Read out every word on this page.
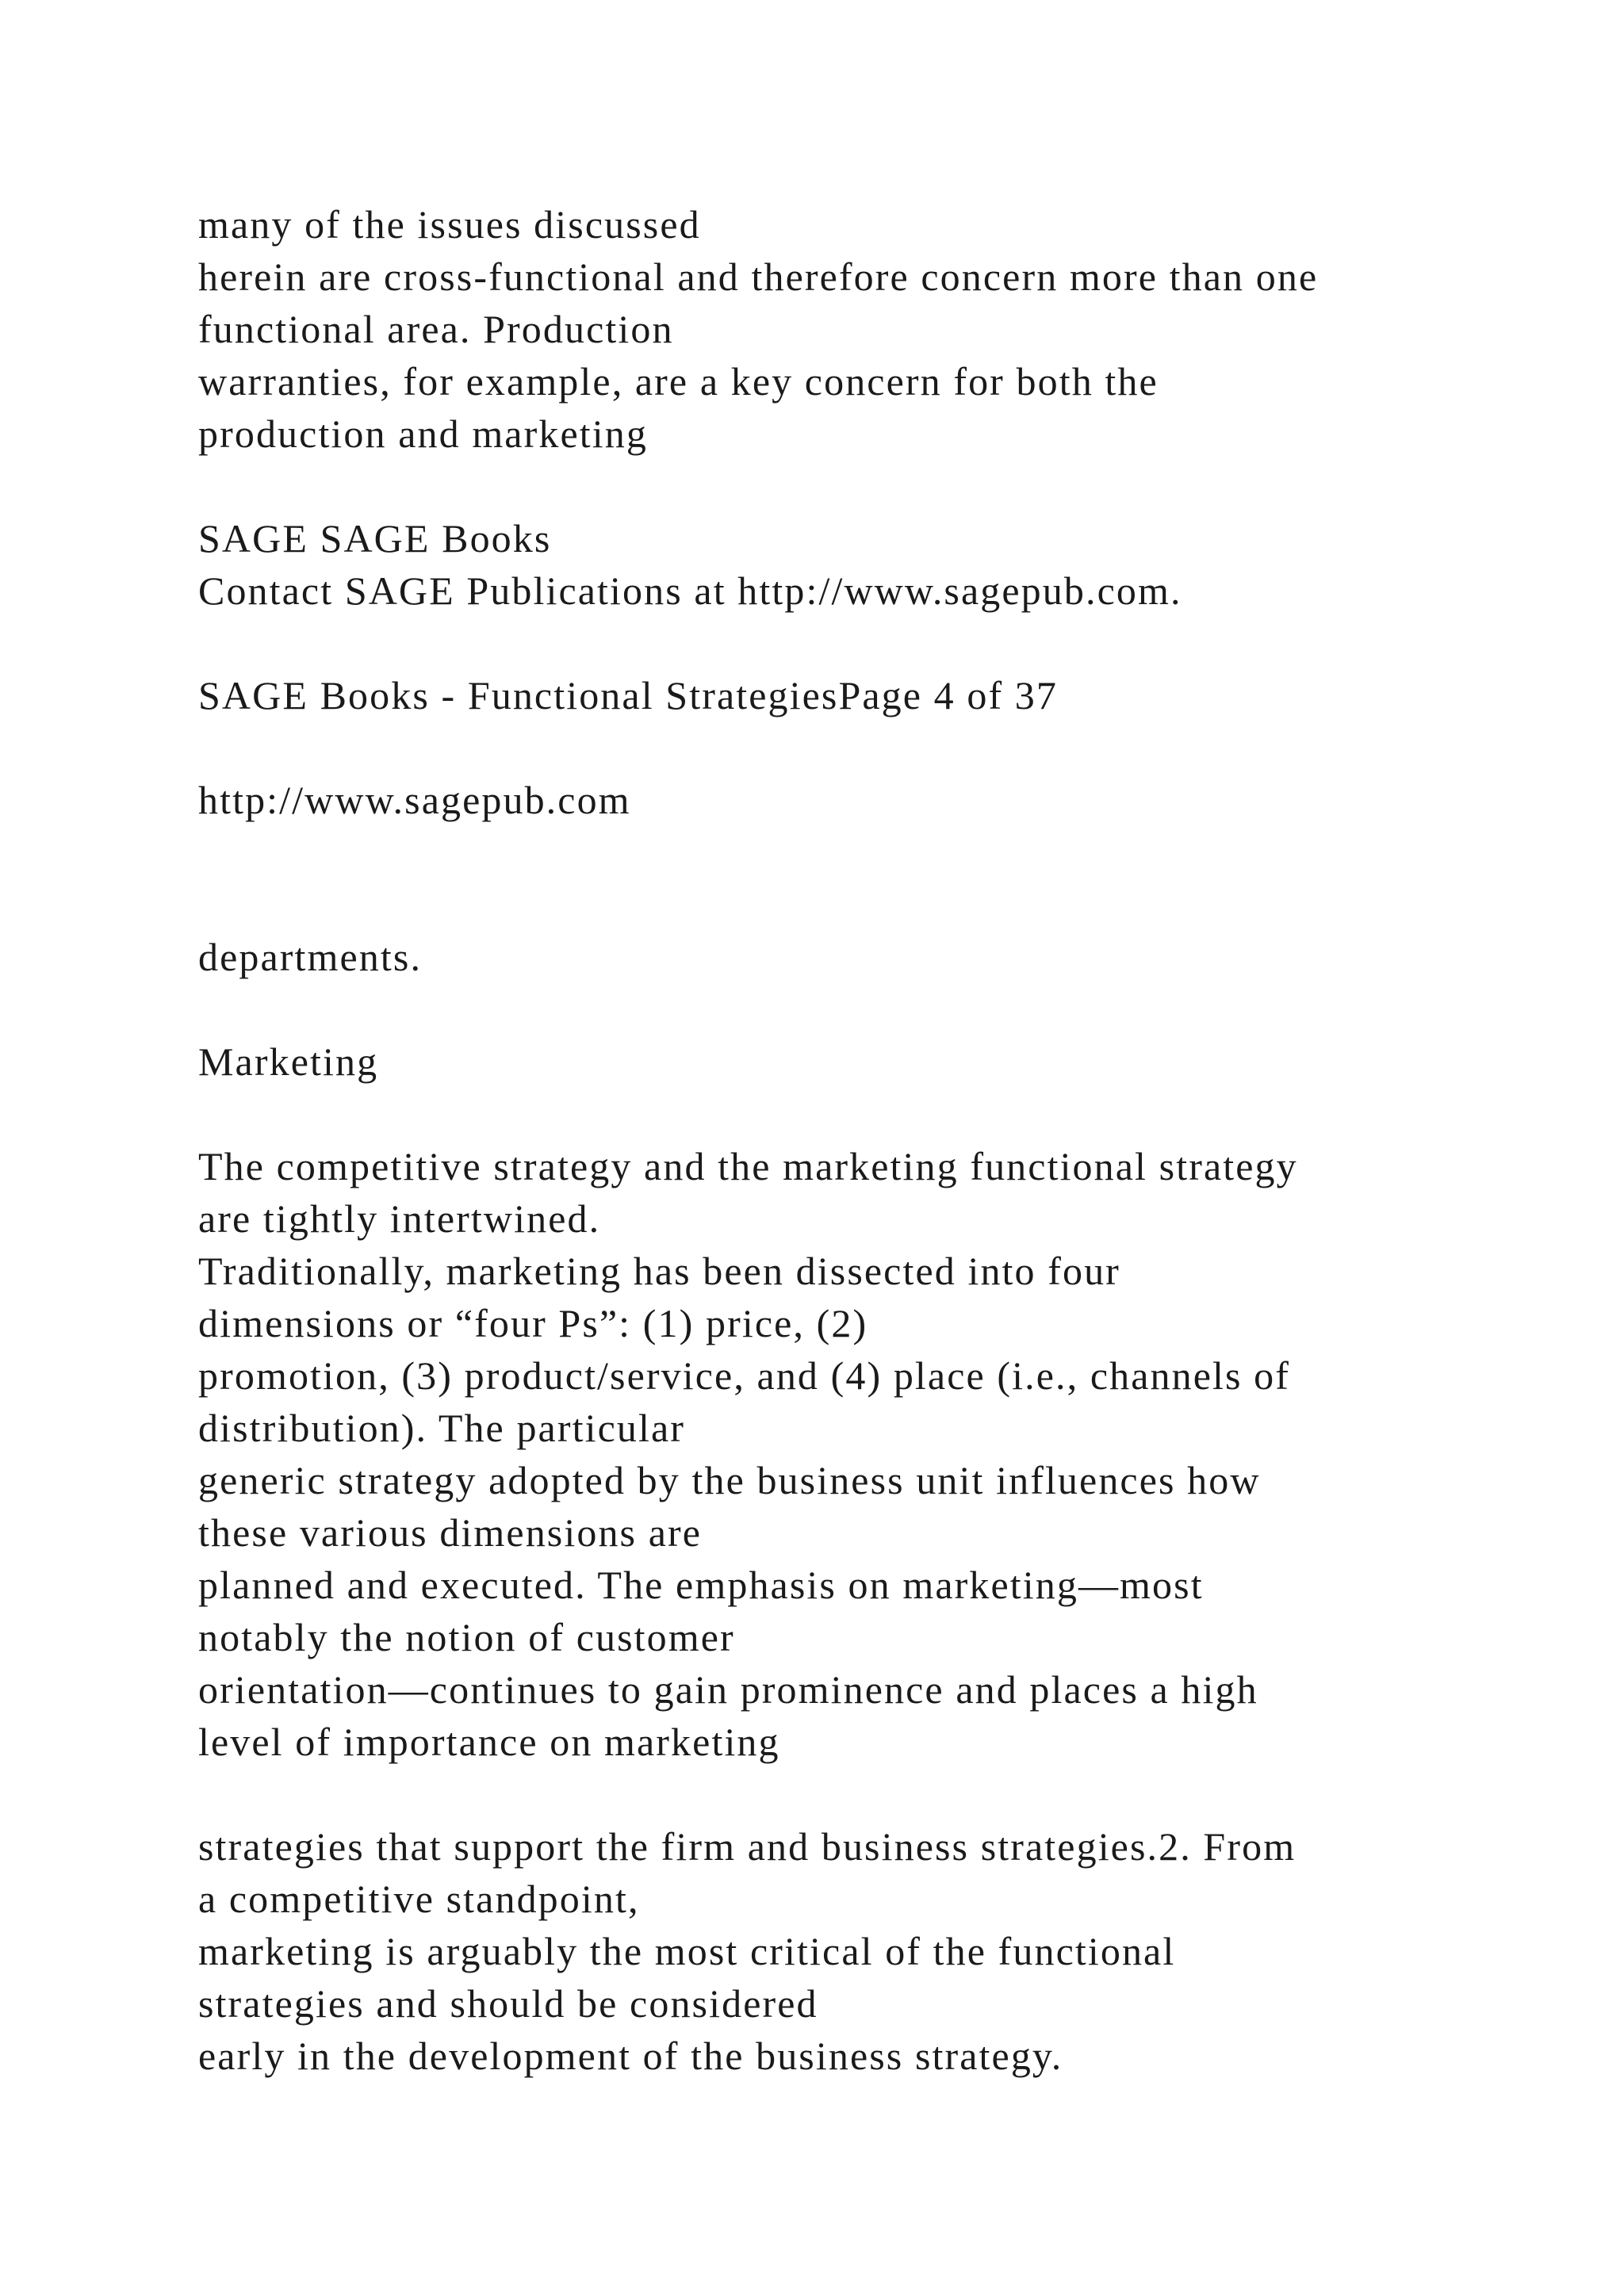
many of the issues discussed

herein are cross-functional and therefore concern more than one

functional area. Production

warranties, for example, are a key concern for both the

production and marketing

SAGE SAGE Books

Contact SAGE Publications at http://www.sagepub.com.

SAGE Books - Functional StrategiesPage 4 of 37

http://www.sagepub.com

departments.

Marketing

The competitive strategy and the marketing functional strategy

are tightly intertwined.

Traditionally, marketing has been dissected into four

dimensions or “four Ps”: (1) price, (2)

promotion, (3) product/service, and (4) place (i.e., channels of

distribution). The particular

generic strategy adopted by the business unit influences how

these various dimensions are

planned and executed. The emphasis on marketing—most

notably the notion of customer

orientation—continues to gain prominence and places a high

level of importance on marketing

strategies that support the firm and business strategies.2. From

a competitive standpoint,

marketing is arguably the most critical of the functional

strategies and should be considered

early in the development of the business strategy.
